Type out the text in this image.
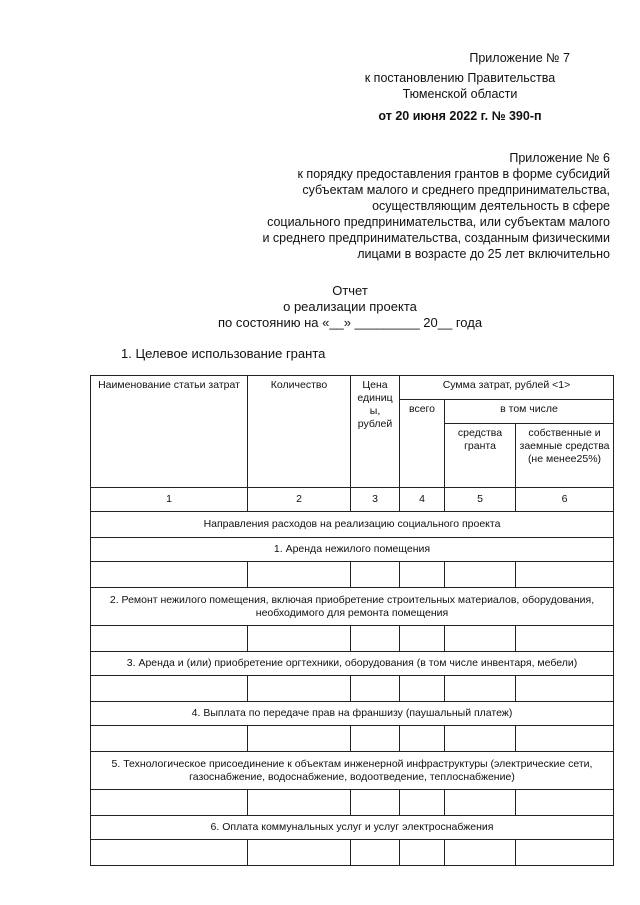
Приложение № 7
к постановлению Правительства
Тюменской области
от 20 июня 2022 г. № 390-п
Приложение № 6
к порядку предоставления грантов в форме субсидий
субъектам малого и среднего предпринимательства,
осуществляющим деятельность в сфере
социального предпринимательства, или субъектам малого
и среднего предпринимательства, созданным физическими
лицами в возрасте до 25 лет включительно
Отчет
о реализации проекта
по состоянию на «__» _________ 20__ года
1. Целевое использование гранта
Наименование статьи затрат	Количество	Цена единиц ы, рублей	Сумма затрат, рублей <1>		
			всего	в том числе	
				средства гранта	собственные и заемные средства (не менее25%)
1	2	3	4	5	6
Направления расходов на реализацию социального проекта					
1. Аренда нежилого помещения					

2. Ремонт нежилого помещения, включая приобретение строительных материалов, оборудования, необходимого для ремонта помещения					

3. Аренда и (или) приобретение оргтехники, оборудования (в том числе инвентаря, мебели)					

4. Выплата по передаче прав на франшизу (паушальный платеж)					

5. Технологическое присоединение к объектам инженерной инфраструктуры (электрические сети, газоснабжение, водоснабжение, водоотведение, теплоснабжение)					

6. Оплата коммунальных услуг и услуг электроснабжения					
